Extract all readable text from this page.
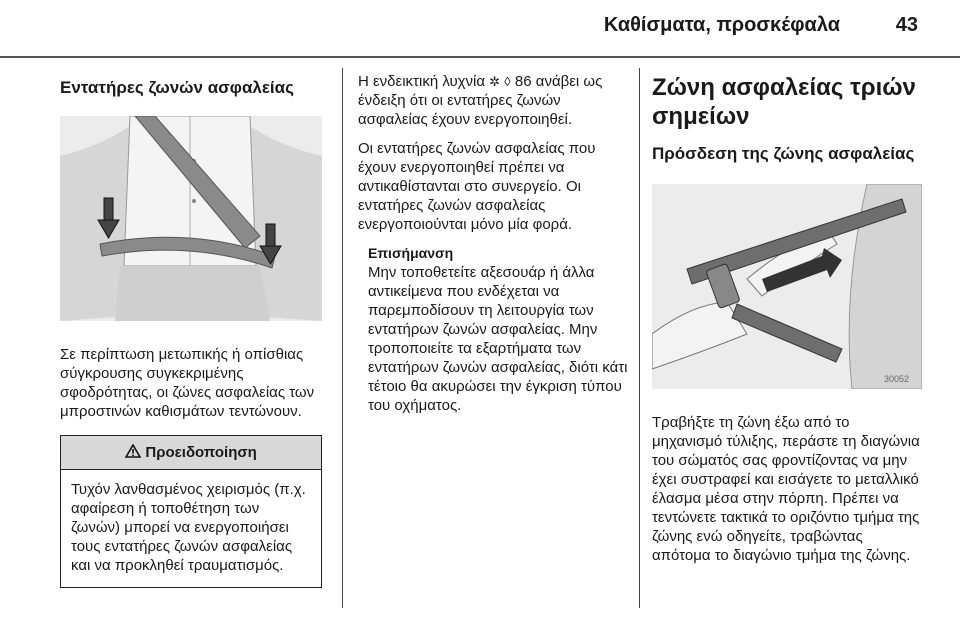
Καθίσματα, προσκέφαλα	43
Εντατήρες ζωνών ασφαλείας

Σε περίπτωση μετωπικής ή οπίσθιας σύγκρουσης συγκεκριμένης σφοδρότητας, οι ζώνες ασφαλείας των μπροστινών καθισμάτων τεντώνουν.

Προειδοποίηση

Τυχόν λανθασμένος χειρισμός (π.χ. αφαίρεση ή τοποθέτηση των ζωνών) μπορεί να ενεργοποιήσει τους εντατήρες ζωνών ασφαλείας και να προκληθεί τραυματισμός.

Η ενδεικτική λυχνία ✲ ◊ 86 ανάβει ως ένδειξη ότι οι εντατήρες ζωνών ασφαλείας έχουν ενεργοποιηθεί.

Οι εντατήρες ζωνών ασφαλείας που έχουν ενεργοποιηθεί πρέπει να αντικαθίστανται στο συνεργείο. Οι εντατήρες ζωνών ασφαλείας ενεργοποιούνται μόνο μία φορά.

Επισήμανση

Μην τοποθετείτε αξεσουάρ ή άλλα αντικείμενα που ενδέχεται να παρεμποδίσουν τη λειτουργία των εντατήρων ζωνών ασφαλείας. Μην τροποποιείτε τα εξαρτήματα των εντατήρων ζωνών ασφαλείας, διότι κάτι τέτοιο θα ακυρώσει την έγκριση τύπου του οχήματος.

Ζώνη ασφαλείας τριών σημείων
Πρόσδεση της ζώνης ασφαλείας
30052

Τραβήξτε τη ζώνη έξω από το μηχανισμό τύλιξης, περάστε τη διαγώνια του σώματός σας φροντίζοντας να μην έχει συστραφεί και εισάγετε το μεταλλικό έλασμα μέσα στην πόρπη. Πρέπει να τεντώνετε τακτικά το οριζόντιο τμήμα της ζώνης ενώ οδηγείτε, τραβώντας απότομα το διαγώνιο τμήμα της ζώνης.
